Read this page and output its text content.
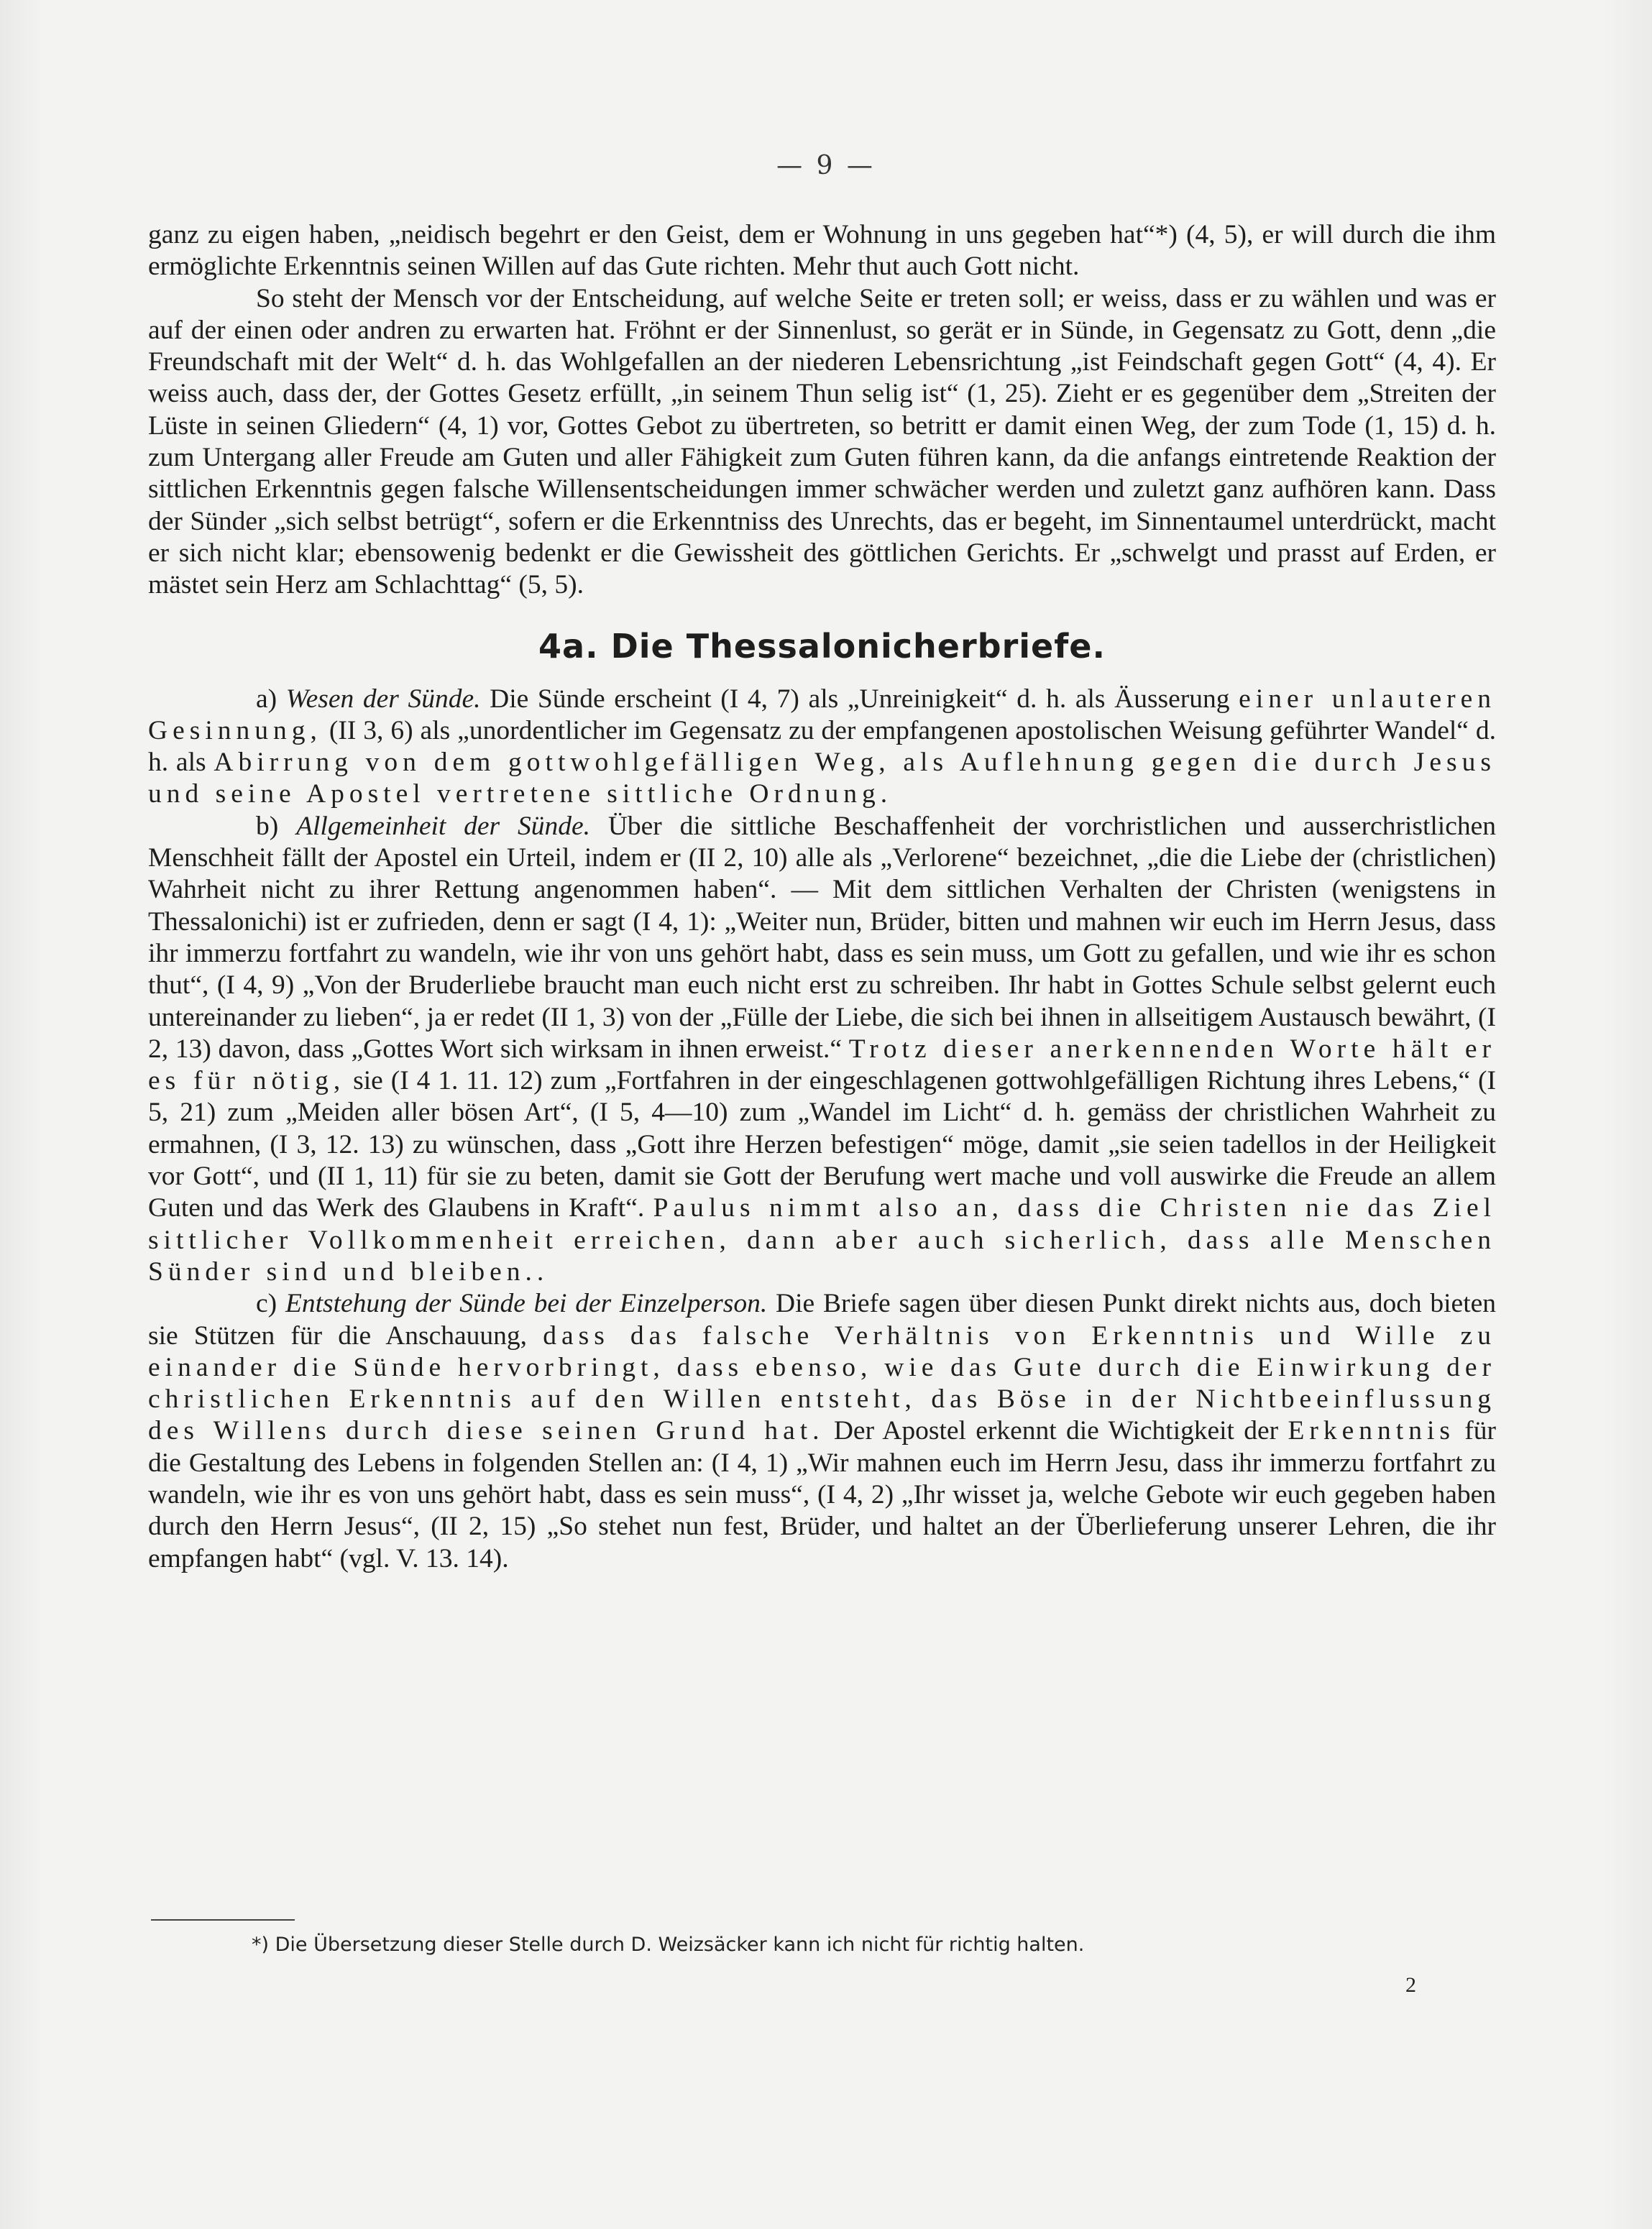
— 9 —

ganz zu eigen haben, „neidisch begehrt er den Geist, dem er Wohnung in uns gegeben hat“*) (4, 5), er will durch die ihm ermöglichte Erkenntnis seinen Willen auf das Gute richten. Mehr thut auch Gott nicht.

So steht der Mensch vor der Entscheidung, auf welche Seite er treten soll; er weiss, dass er zu wählen und was er auf der einen oder andren zu erwarten hat. Fröhnt er der Sinnenlust, so gerät er in Sünde, in Gegensatz zu Gott, denn „die Freundschaft mit der Welt“ d. h. das Wohlgefallen an der niederen Lebensrichtung „ist Feindschaft gegen Gott“ (4, 4). Er weiss auch, dass der, der Gottes Gesetz erfüllt, „in seinem Thun selig ist“ (1, 25). Zieht er es gegenüber dem „Streiten der Lüste in seinen Gliedern“ (4, 1) vor, Gottes Gebot zu übertreten, so betritt er damit einen Weg, der zum Tode (1, 15) d. h. zum Untergang aller Freude am Guten und aller Fähigkeit zum Guten führen kann, da die anfangs eintretende Reaktion der sittlichen Erkenntnis gegen falsche Willensentscheidungen immer schwächer werden und zuletzt ganz aufhören kann. Dass der Sünder „sich selbst betrügt“, sofern er die Erkenntniss des Unrechts, das er begeht, im Sinnentaumel unterdrückt, macht er sich nicht klar; ebensowenig bedenkt er die Gewissheit des göttlichen Gerichts. Er „schwelgt und prasst auf Erden, er mästet sein Herz am Schlachttag“ (5, 5).

4a. Die Thessalonicherbriefe.

a) Wesen der Sünde. Die Sünde erscheint (I 4, 7) als „Unreinigkeit“ d. h. als Äusserung einer unlauteren Gesinnung, (II 3, 6) als „unordentlicher im Gegensatz zu der empfangenen apostolischen Weisung geführter Wandel“ d. h. als Abirrung von dem gottwohlgefälligen Weg, als Auflehnung gegen die durch Jesus und seine Apostel vertretene sittliche Ordnung.

b) Allgemeinheit der Sünde. Über die sittliche Beschaffenheit der vorchristlichen und ausserchristlichen Menschheit fällt der Apostel ein Urteil, indem er (II 2, 10) alle als „Verlorene“ bezeichnet, „die die Liebe der (christlichen) Wahrheit nicht zu ihrer Rettung angenommen haben“. — Mit dem sittlichen Verhalten der Christen (wenigstens in Thessalonichi) ist er zufrieden, denn er sagt (I 4, 1): „Weiter nun, Brüder, bitten und mahnen wir euch im Herrn Jesus, dass ihr immerzu fortfahrt zu wandeln, wie ihr von uns gehört habt, dass es sein muss, um Gott zu gefallen, und wie ihr es schon thut“, (I 4, 9) „Von der Bruderliebe braucht man euch nicht erst zu schreiben. Ihr habt in Gottes Schule selbst gelernt euch untereinander zu lieben“, ja er redet (II 1, 3) von der „Fülle der Liebe, die sich bei ihnen in allseitigem Austausch bewährt, (I 2, 13) davon, dass „Gottes Wort sich wirksam in ihnen erweist.“ Trotz dieser anerkennenden Worte hält er es für nötig, sie (I 4 1. 11. 12) zum „Fortfahren in der eingeschlagenen gottwohlgefälligen Richtung ihres Lebens,“ (I 5, 21) zum „Meiden aller bösen Art“, (I 5, 4—10) zum „Wandel im Licht“ d. h. gemäss der christlichen Wahrheit zu ermahnen, (I 3, 12. 13) zu wünschen, dass „Gott ihre Herzen befestigen“ möge, damit „sie seien tadellos in der Heiligkeit vor Gott“, und (II 1, 11) für sie zu beten, damit sie Gott der Berufung wert mache und voll auswirke die Freude an allem Guten und das Werk des Glaubens in Kraft“. Paulus nimmt also an, dass die Christen nie das Ziel sittlicher Vollkommenheit erreichen, dann aber auch sicherlich, dass alle Menschen Sünder sind und bleiben..

c) Entstehung der Sünde bei der Einzelperson. Die Briefe sagen über diesen Punkt direkt nichts aus, doch bieten sie Stützen für die Anschauung, dass das falsche Verhältnis von Erkenntnis und Wille zu einander die Sünde hervorbringt, dass ebenso, wie das Gute durch die Einwirkung der christlichen Erkenntnis auf den Willen entsteht, das Böse in der Nichtbeeinflussung des Willens durch diese seinen Grund hat. Der Apostel erkennt die Wichtigkeit der Erkenntnis für die Gestaltung des Lebens in folgenden Stellen an: (I 4, 1) „Wir mahnen euch im Herrn Jesu, dass ihr immerzu fortfahrt zu wandeln, wie ihr es von uns gehört habt, dass es sein muss“, (I 4, 2) „Ihr wisset ja, welche Gebote wir euch gegeben haben durch den Herrn Jesus“, (II 2, 15) „So stehet nun fest, Brüder, und haltet an der Überlieferung unserer Lehren, die ihr empfangen habt“ (vgl. V. 13. 14).

*) Die Übersetzung dieser Stelle durch D. Weizsäcker kann ich nicht für richtig halten.
2
